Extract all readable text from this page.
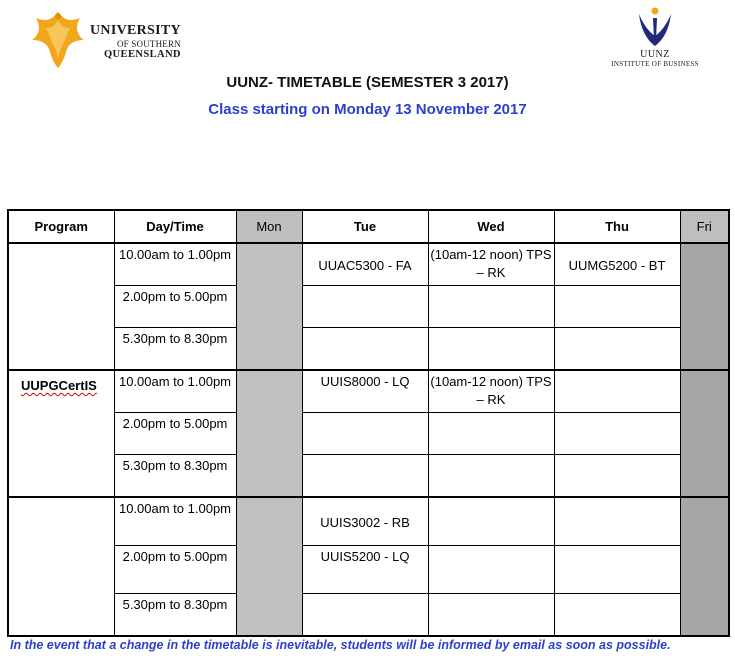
UNIVERSITY
OF SOUTHERN
QUEENSLAND	UUNZ
INSTITUTE OF BUSINESS
UUNZ- TIMETABLE (SEMESTER 3 2017)
Class starting on Monday 13 November 2017
Program	Day/Time	Mon	Tue	Wed	Thu	Fri
	10.00am to 1.00pm		UUAC5300 - FA	(10am-12 noon) TPS – RK	UUMG5200 - BT	
	2.00pm to 5.00pm					
	5.30pm to 8.30pm					
UUPGCertIS	10.00am to 1.00pm		UUIS8000 - LQ	(10am-12 noon) TPS – RK		
	2.00pm to 5.00pm					
	5.30pm to 8.30pm					
	10.00am to 1.00pm		UUIS3002 - RB			
	2.00pm to 5.00pm		UUIS5200 - LQ			
	5.30pm to 8.30pm					
In the event that a change in the timetable is inevitable, students will be informed by email as soon as possible.
